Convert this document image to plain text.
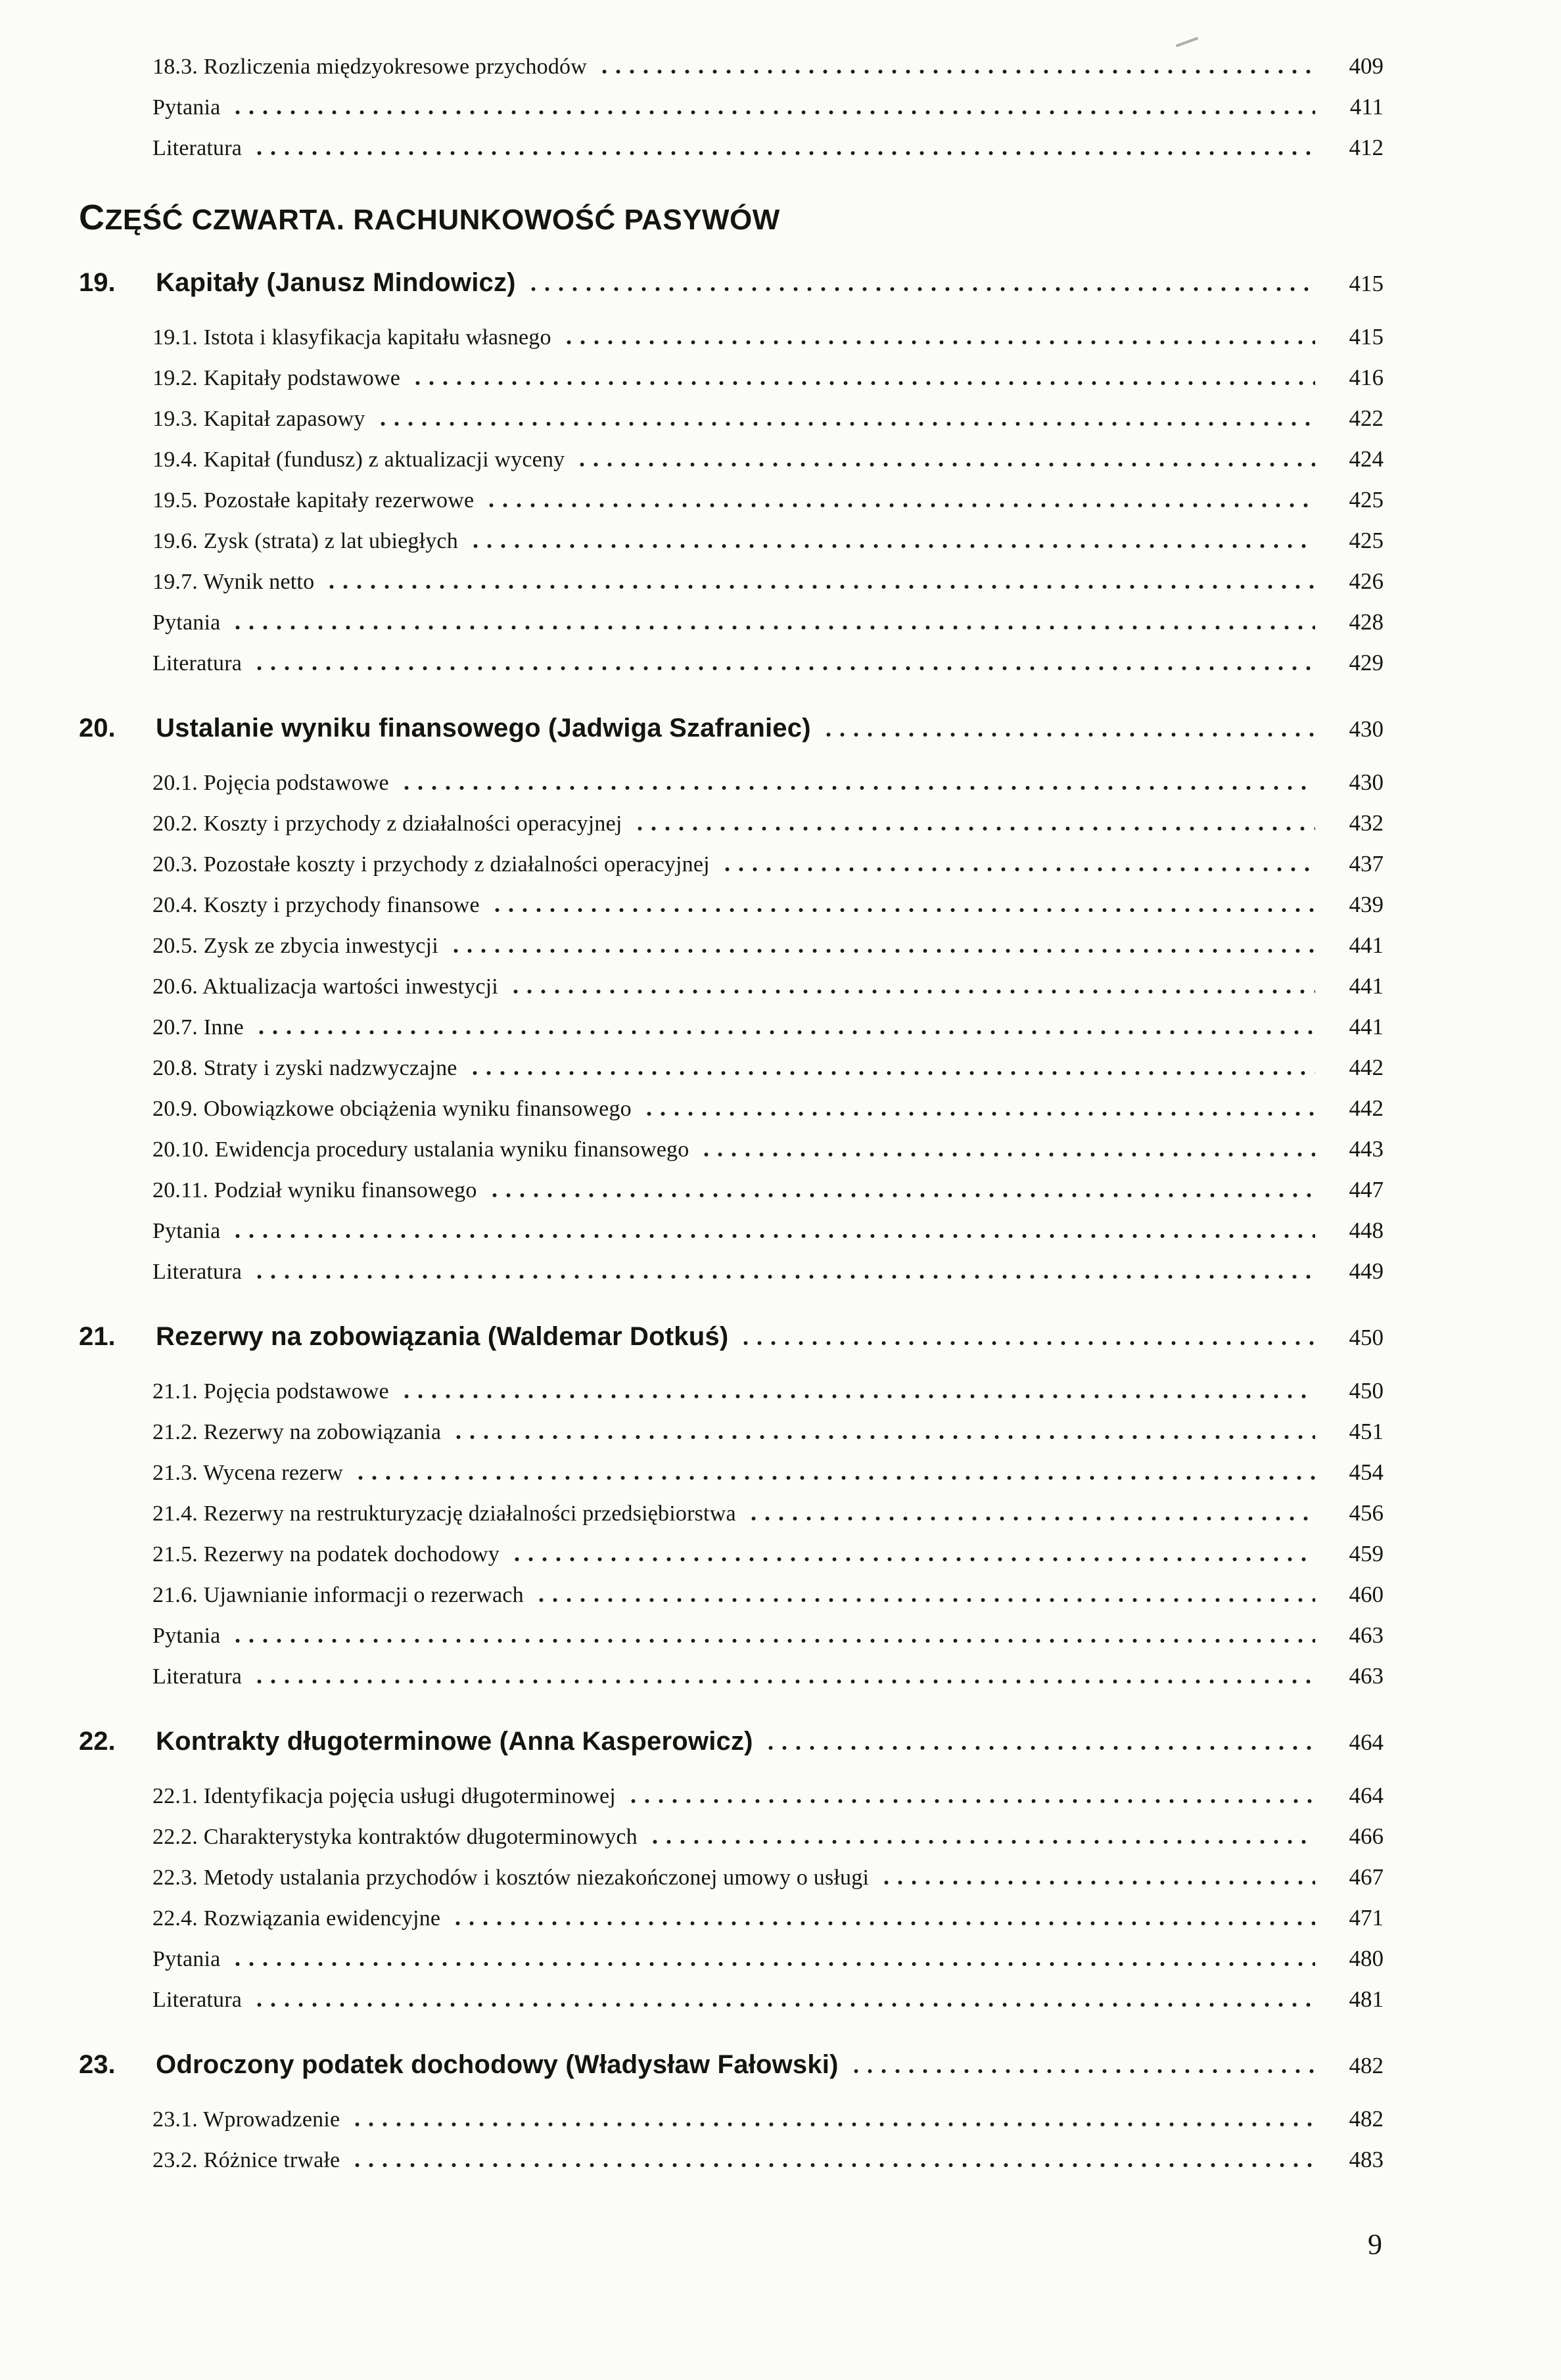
18.3. Rozliczenia międzyokresowe przychodów	409
Pytania	411
Literatura	412
CZĘŚĆ CZWARTA. RACHUNKOWOŚĆ PASYWÓW
19.	Kapitały (Janusz Mindowicz)	415
19.1. Istota i klasyfikacja kapitału własnego	415
19.2. Kapitały podstawowe	416
19.3. Kapitał zapasowy	422
19.4. Kapitał (fundusz) z aktualizacji wyceny	424
19.5. Pozostałe kapitały rezerwowe	425
19.6. Zysk (strata) z lat ubiegłych	425
19.7. Wynik netto	426
Pytania	428
Literatura	429
20.	Ustalanie wyniku finansowego (Jadwiga Szafraniec)	430
20.1. Pojęcia podstawowe	430
20.2. Koszty i przychody z działalności operacyjnej	432
20.3. Pozostałe koszty i przychody z działalności operacyjnej	437
20.4. Koszty i przychody finansowe	439
20.5. Zysk ze zbycia inwestycji	441
20.6. Aktualizacja wartości inwestycji	441
20.7. Inne	441
20.8. Straty i zyski nadzwyczajne	442
20.9. Obowiązkowe obciążenia wyniku finansowego	442
20.10. Ewidencja procedury ustalania wyniku finansowego	443
20.11. Podział wyniku finansowego	447
Pytania	448
Literatura	449
21.	Rezerwy na zobowiązania (Waldemar Dotkuś)	450
21.1. Pojęcia podstawowe	450
21.2. Rezerwy na zobowiązania	451
21.3. Wycena rezerw	454
21.4. Rezerwy na restrukturyzację działalności przedsiębiorstwa	456
21.5. Rezerwy na podatek dochodowy	459
21.6. Ujawnianie informacji o rezerwach	460
Pytania	463
Literatura	463
22.	Kontrakty długoterminowe (Anna Kasperowicz)	464
22.1. Identyfikacja pojęcia usługi długoterminowej	464
22.2. Charakterystyka kontraktów długoterminowych	466
22.3. Metody ustalania przychodów i kosztów niezakończonej umowy o usługi	467
22.4. Rozwiązania ewidencyjne	471
Pytania	480
Literatura	481
23.	Odroczony podatek dochodowy (Władysław Fałowski)	482
23.1. Wprowadzenie	482
23.2. Różnice trwałe	483
9
